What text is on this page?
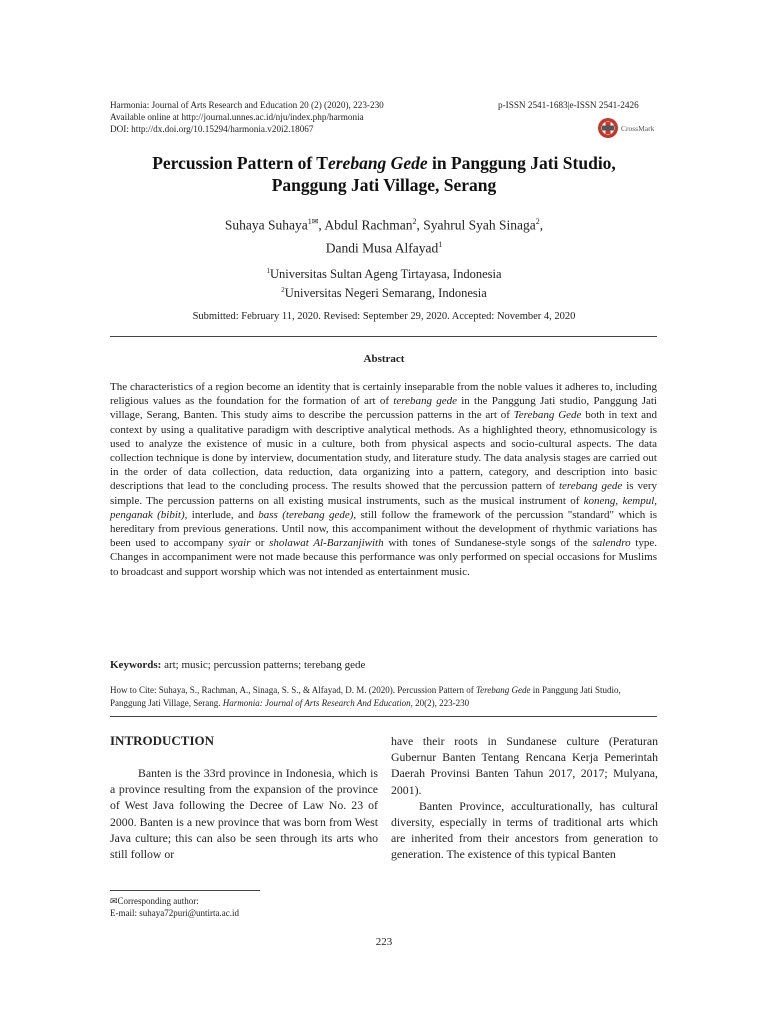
Harmonia: Journal of Arts Research and Education 20 (2) (2020), 223-230	p-ISSN 2541-1683|e-ISSN 2541-2426
Available online at http://journal.unnes.ac.id/nju/index.php/harmonia
DOI: http://dx.doi.org/10.15294/harmonia.v20i2.18067	CrossMark
Percussion Pattern of Terebang Gede in Panggung Jati Studio,
Panggung Jati Village, Serang
Suhaya Suhaya$^{1✉}$, Abdul Rachman$^2$, Syahrul Syah Sinaga$^2$,
Dandi Musa Alfayad$^1$
$^1$Universitas Sultan Ageng Tirtayasa, Indonesia
$^2$Universitas Negeri Semarang, Indonesia
Submitted: February 11, 2020. Revised: September 29, 2020. Accepted: November 4, 2020
Abstract
The characteristics of a region become an identity that is certainly inseparable from the noble values it adheres to, including religious values as the foundation for the formation of art of terebang gede in the Panggung Jati studio, Panggung Jati village, Serang, Banten. This study aims to describe the percussion patterns in the art of Terebang Gede both in text and context by using a qualitative paradigm with descriptive analytical methods. As a highlighted theory, ethnomusicology is used to analyze the existence of music in a culture, both from physical aspects and socio-cultural aspects. The data collection technique is done by interview, documentation study, and literature study. The data analysis stages are carried out in the order of data collection, data reduction, data organizing into a pattern, category, and description into basic descriptions that lead to the concluding process. The results showed that the percussion pattern of terebang gede is very simple. The percussion patterns on all existing musical instruments, such as the musical instrument of koneng, kempul, penganak (bibit), interlude, and bass (terebang gede), still follow the framework of the percussion "standard" which is hereditary from previous generations. Until now, this accompaniment without the development of rhythmic variations has been used to accompany syair or sholawat Al-Barzanjiwith with tones of Sundanese-style songs of the salendro type. Changes in accompaniment were not made because this performance was only performed on special occasions for Muslims to broadcast and support worship which was not intended as entertainment music.
Keywords: art; music; percussion patterns; terebang gede
How to Cite: Suhaya, S., Rachman, A., Sinaga, S. S., & Alfayad, D. M. (2020). Percussion Pattern of Terebang Gede in Panggung Jati Studio, Panggung Jati Village, Serang. Harmonia: Journal of Arts Research And Education, 20(2), 223-230
INTRODUCTION
Banten is the 33rd province in Indonesia, which is a province resulting from the expansion of the province of West Java following the Decree of Law No. 23 of 2000. Banten is a new province that was born from West Java culture; this can also be seen through its arts who still follow or

have their roots in Sundanese culture (Peraturan Gubernur Banten Tentang Rencana Kerja Pemerintah Daerah Provinsi Banten Tahun 2017, 2017; Mulyana, 2001).

Banten Province, acculturationally, has cultural diversity, especially in terms of traditional arts which are inherited from their ancestors from generation to generation. The existence of this typical Banten

✉Corresponding author:
E-mail: suhaya72puri@untirta.ac.id
223
